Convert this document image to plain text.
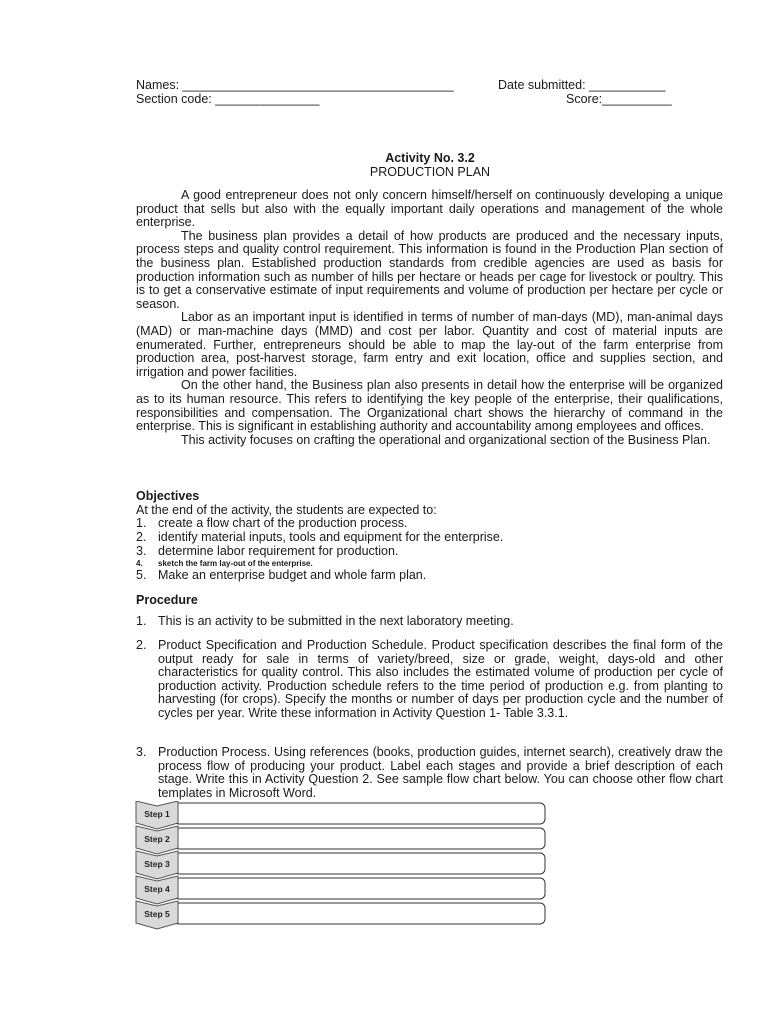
Names: _______________________________________	Date submitted: ___________
Section code: _______________	Score:__________
Activity No. 3.2
PRODUCTION PLAN

A good entrepreneur does not only concern himself/herself on continuously developing a unique product that sells but also with the equally important daily operations and management of the whole enterprise.

The business plan provides a detail of how products are produced and the necessary inputs, process steps and quality control requirement. This information is found in the Production Plan section of the business plan. Established production standards from credible agencies are used as basis for production information such as number of hills per hectare or heads per cage for livestock or poultry. This is to get a conservative estimate of input requirements and volume of production per hectare per cycle or season.

Labor as an important input is identified in terms of number of man-days (MD), man-animal days (MAD) or man-machine days (MMD) and cost per labor. Quantity and cost of material inputs are enumerated. Further, entrepreneurs should be able to map the lay-out of the farm enterprise from production area, post-harvest storage, farm entry and exit location, office and supplies section, and irrigation and power facilities.

On the other hand, the Business plan also presents in detail how the enterprise will be organized as to its human resource. This refers to identifying the key people of the enterprise, their qualifications, responsibilities and compensation. The Organizational chart shows the hierarchy of command in the enterprise. This is significant in establishing authority and accountability among employees and offices.

This activity focuses on crafting the operational and organizational section of the Business Plan.

Objectives
At the end of the activity, the students are expected to:
1. create a flow chart of the production process.
2. identify material inputs, tools and equipment for the enterprise.
3. determine labor requirement for production.
4. sketch the farm lay-out of the enterprise.
5. Make an enterprise budget and whole farm plan.
Procedure
1. This is an activity to be submitted in the next laboratory meeting.
2. Product Specification and Production Schedule. Product specification describes the final form of the output ready for sale in terms of variety/breed, size or grade, weight, days-old and other characteristics for quality control. This also includes the estimated volume of production per cycle of production activity. Production schedule refers to the time period of production e.g. from planting to harvesting (for crops). Specify the months or number of days per production cycle and the number of cycles per year. Write these information in Activity Question 1- Table 3.3.1.
3. Production Process. Using references (books, production guides, internet search), creatively draw the process flow of producing your product. Label each stages and provide a brief description of each stage. Write this in Activity Question 2. See sample flow chart below. You can choose other flow chart templates in Microsoft Word.
Step 1
Step 2
Step 3
Step 4
Step 5
